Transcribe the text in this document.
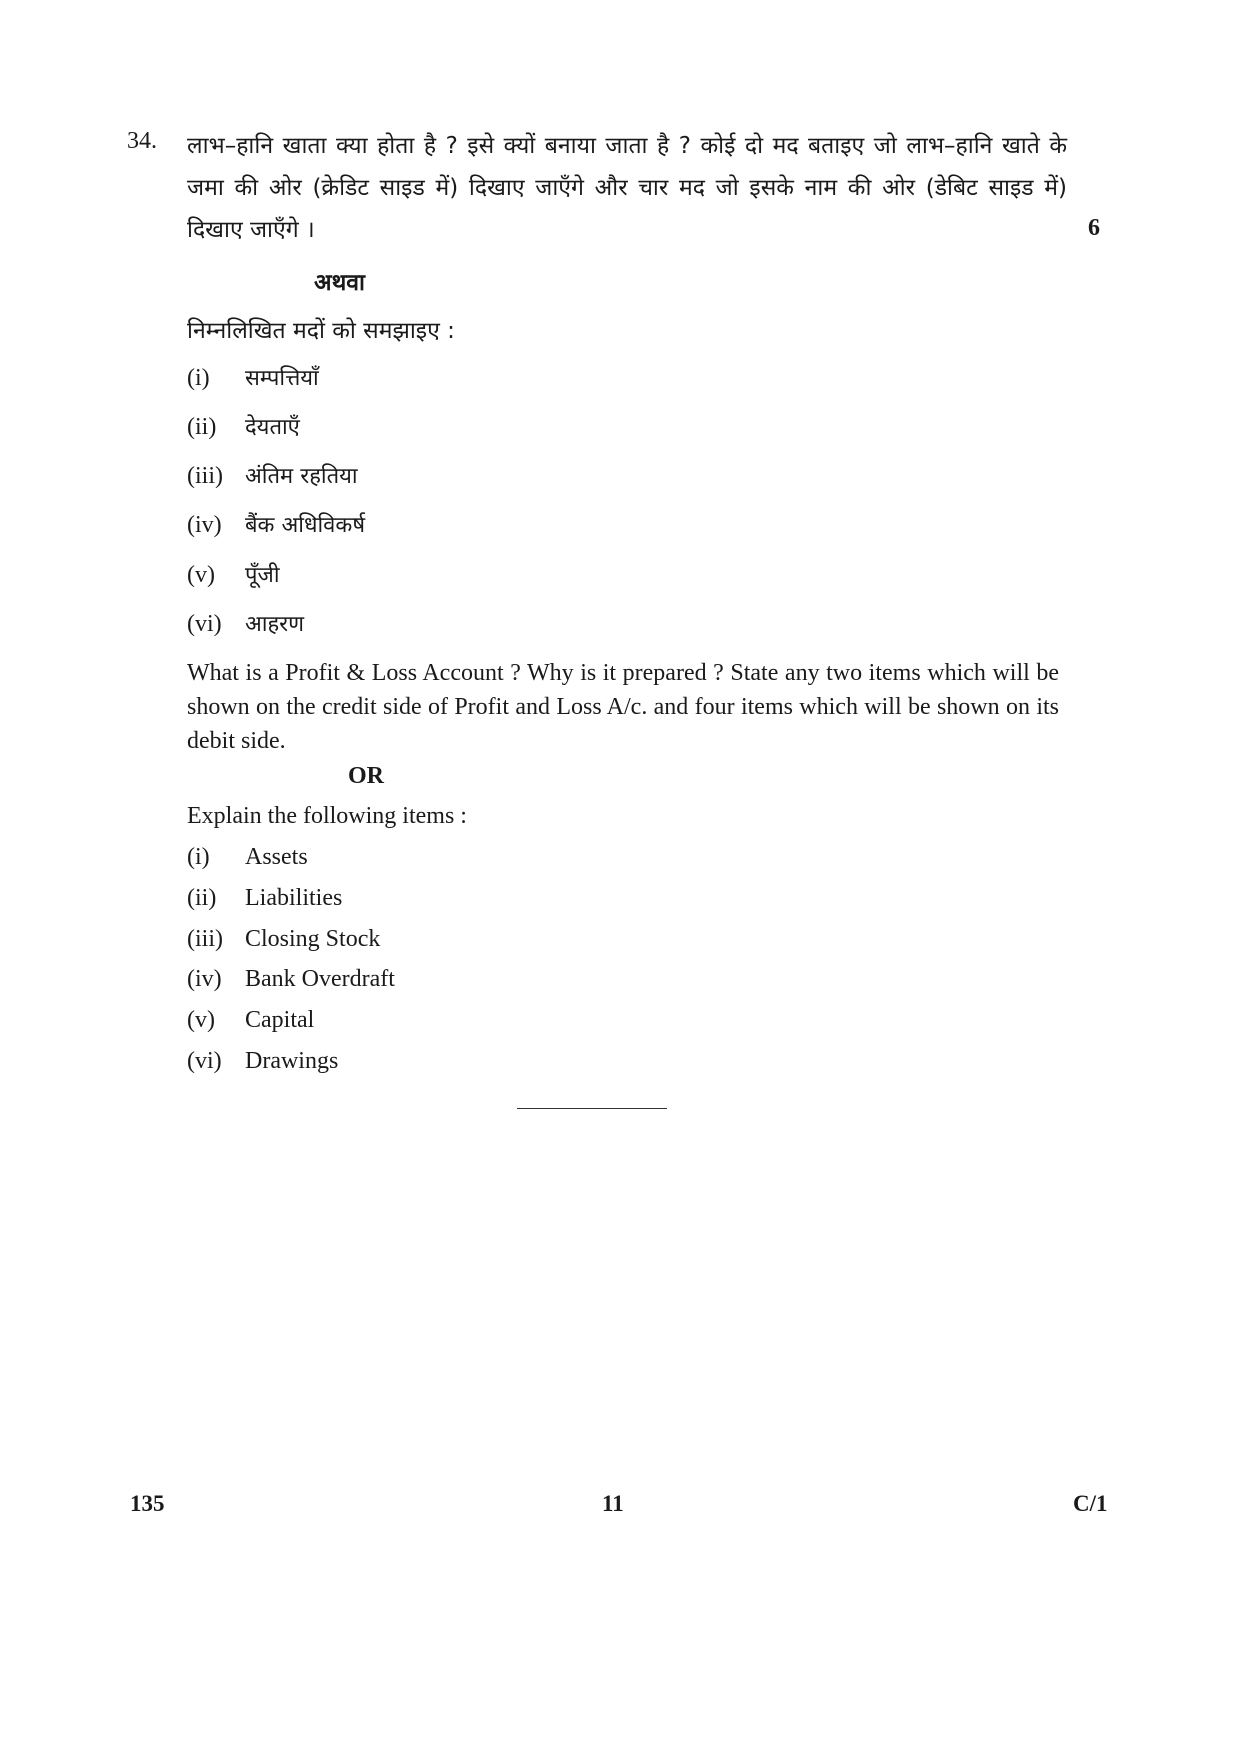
34. लाभ–हानि खाता क्या होता है ? इसे क्यों बनाया जाता है ? कोई दो मद बताइए जो लाभ–हानि खाते के
जमा की ओर (क्रेडिट साइड में) दिखाए जाएँगे और चार मद जो इसके नाम की ओर (डेबिट साइड में)
दिखाए जाएँगे ।	6
अथवा
निम्नलिखित मदों को समझाइए :
(i) सम्पत्तियाँ
(ii) देयताएँ
(iii) अंतिम रहतिया
(iv) बैंक अधिविकर्ष
(v) पूँजी
(vi) आहरण
What is a Profit & Loss Account ? Why is it prepared ? State any two items which will be shown on the credit side of Profit and Loss A/c. and four items which will be shown on its debit side.
OR
Explain the following items :
(i) Assets
(ii) Liabilities
(iii) Closing Stock
(iv) Bank Overdraft
(v) Capital
(vi) Drawings
135	11	C/1
